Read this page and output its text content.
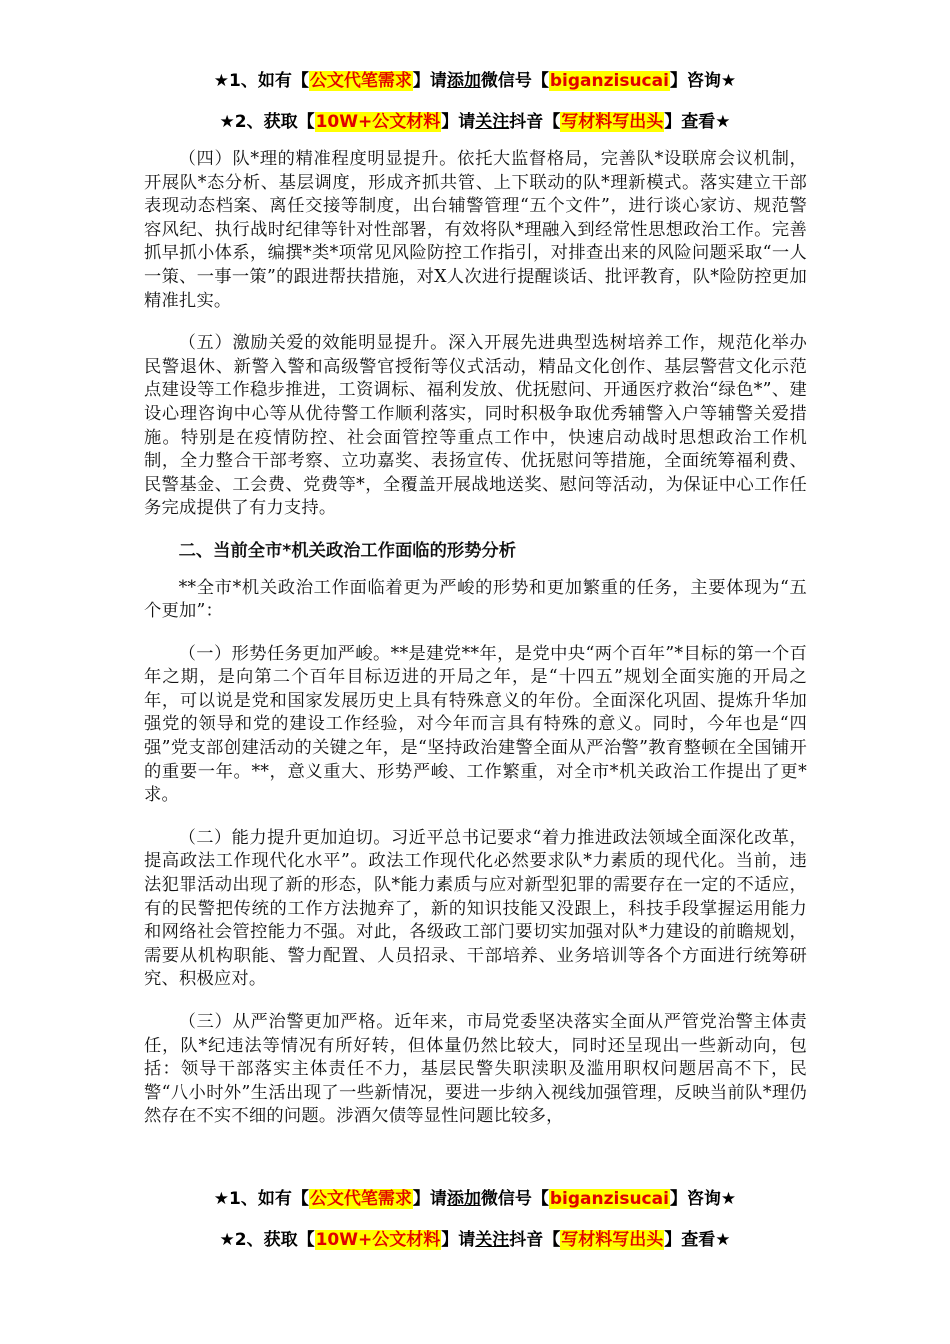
★1、如有【公文代笔需求】请添加微信号【biganzisucai】咨询★
★2、获取【10W+公文材料】请关注抖音【写材料写出头】查看★

（四）队*理的精准程度明显提升。依托大监督格局，完善队*设联席会议机制，开展队*态分析、基层调度，形成齐抓共管、上下联动的队*理新模式。落实建立干部表现动态档案、离任交接等制度，出台辅警管理“五个文件”，进行谈心家访、规范警容风纪、执行战时纪律等针对性部署，有效将队*理融入到经常性思想政治工作。完善抓早抓小体系，编撰*类*项常见风险防控工作指引，对排查出来的风险问题采取“一人一策、一事一策”的跟进帮扶措施，对X人次进行提醒谈话、批评教育，队*险防控更加精准扎实。

（五）激励关爱的效能明显提升。深入开展先进典型选树培养工作，规范化举办民警退休、新警入警和高级警官授衔等仪式活动，精品文化创作、基层警营文化示范点建设等工作稳步推进，工资调标、福利发放、优抚慰问、开通医疗救治“绿色*”、建设心理咨询中心等从优待警工作顺利落实，同时积极争取优秀辅警入户等辅警关爱措施。特别是在疫情防控、社会面管控等重点工作中，快速启动战时思想政治工作机制，全力整合干部考察、立功嘉奖、表扬宣传、优抚慰问等措施，全面统筹福利费、民警基金、工会费、党费等*，全覆盖开展战地送奖、慰问等活动，为保证中心工作任务完成提供了有力支持。

二、当前全市*机关政治工作面临的形势分析

**全市*机关政治工作面临着更为严峻的形势和更加繁重的任务，主要体现为“五个更加”：

（一）形势任务更加严峻。**是建党**年，是党中央“两个百年”*目标的第一个百年之期，是向第二个百年目标迈进的开局之年，是“十四五”规划全面实施的开局之年，可以说是党和国家发展历史上具有特殊意义的年份。全面深化巩固、提炼升华加强党的领导和党的建设工作经验，对今年而言具有特殊的意义。同时，今年也是“四强”党支部创建活动的关键之年，是“坚持政治建警全面从严治警”教育整顿在全国铺开的重要一年。**，意义重大、形势严峻、工作繁重，对全市*机关政治工作提出了更*求。

（二）能力提升更加迫切。习近平总书记要求“着力推进政法领域全面深化改革，提高政法工作现代化水平”。政法工作现代化必然要求队*力素质的现代化。当前，违法犯罪活动出现了新的形态，队*能力素质与应对新型犯罪的需要存在一定的不适应，有的民警把传统的工作方法抛弃了，新的知识技能又没跟上，科技手段掌握运用能力和网络社会管控能力不强。对此，各级政工部门要切实加强对队*力建设的前瞻规划，需要从机构职能、警力配置、人员招录、干部培养、业务培训等各个方面进行统筹研究、积极应对。

（三）从严治警更加严格。近年来，市局党委坚决落实全面从严管党治警主体责任，队*纪违法等情况有所好转，但体量仍然比较大，同时还呈现出一些新动向，包括：领导干部落实主体责任不力，基层民警失职渎职及滥用职权问题居高不下，民警“八小时外”生活出现了一些新情况，要进一步纳入视线加强管理，反映当前队*理仍然存在不实不细的问题。涉酒欠债等显性问题比较多，

★1、如有【公文代笔需求】请添加微信号【biganzisucai】咨询★
★2、获取【10W+公文材料】请关注抖音【写材料写出头】查看★
